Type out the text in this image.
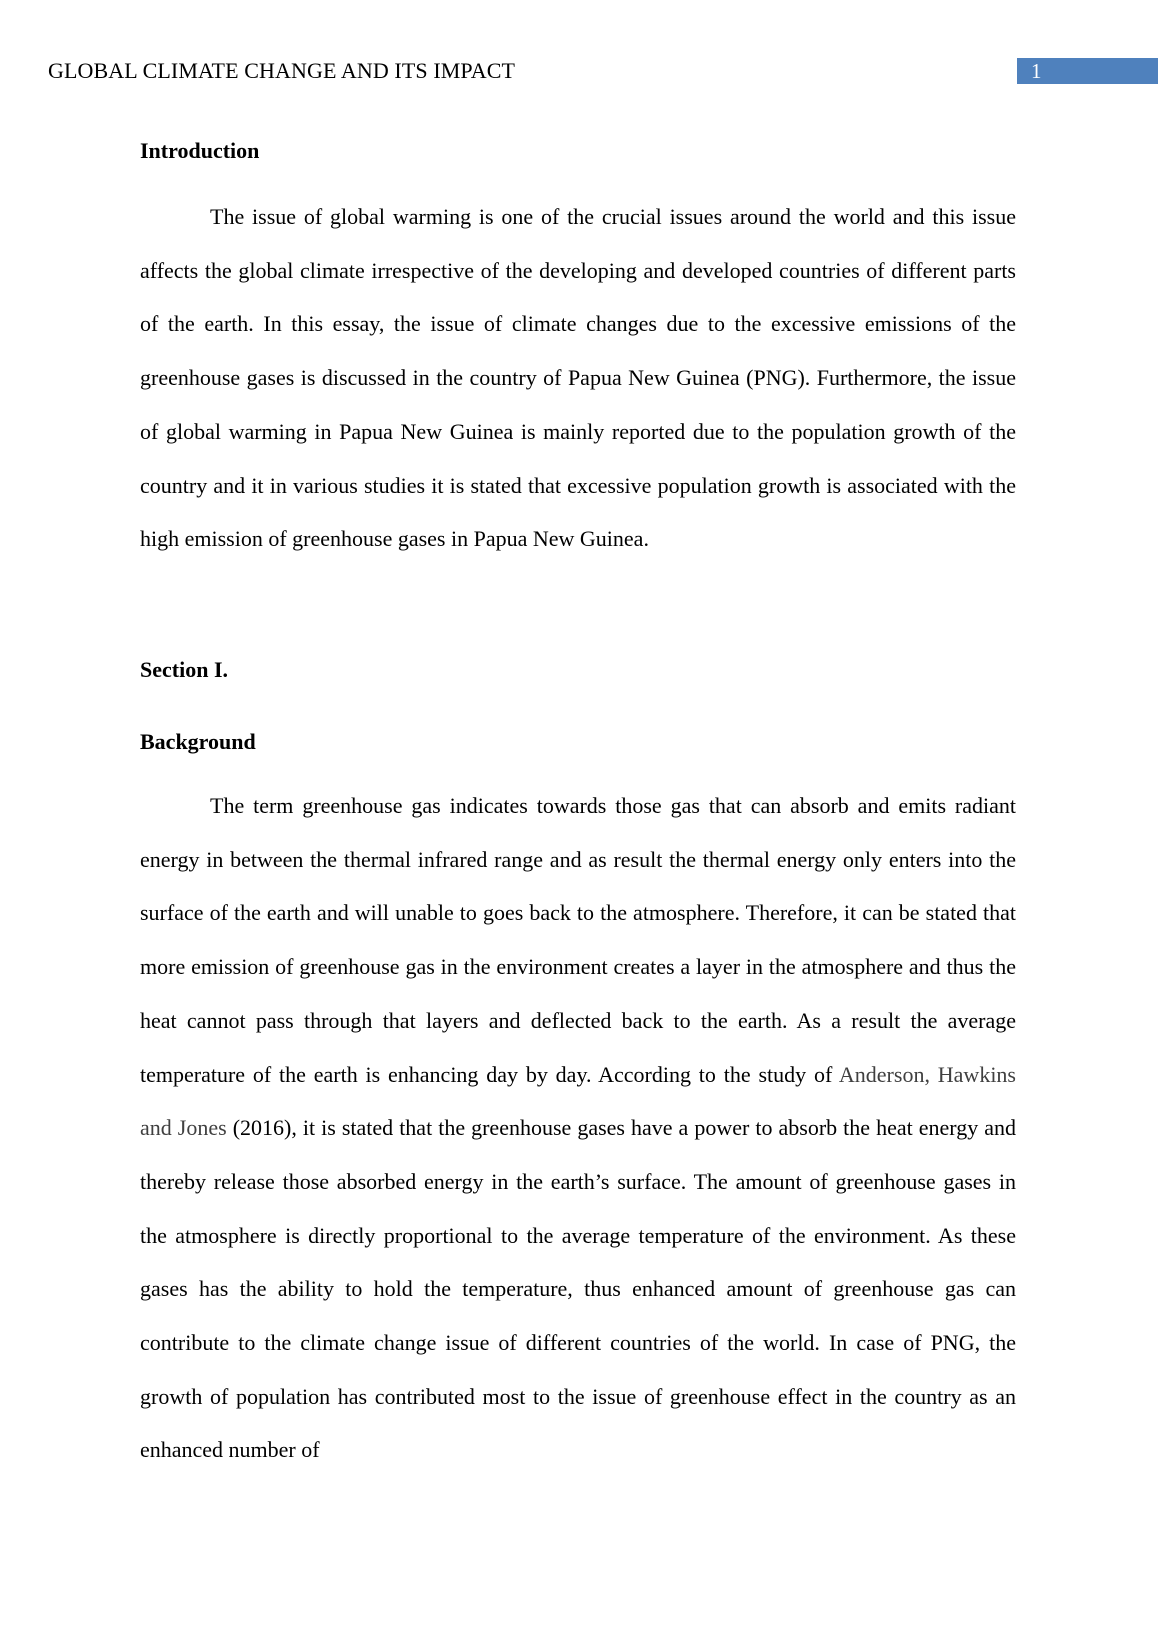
GLOBAL CLIMATE CHANGE AND ITS IMPACT	1
Introduction

The issue of global warming is one of the crucial issues around the world and this issue affects the global climate irrespective of the developing and developed countries of different parts of the earth. In this essay, the issue of climate changes due to the excessive emissions of the greenhouse gases is discussed in the country of Papua New Guinea (PNG). Furthermore, the issue of global warming in Papua New Guinea is mainly reported due to the population growth of the country and it in various studies it is stated that excessive population growth is associated with the high emission of greenhouse gases in Papua New Guinea.

Section I.
Background

The term greenhouse gas indicates towards those gas that can absorb and emits radiant energy in between the thermal infrared range and as result the thermal energy only enters into the surface of the earth and will unable to goes back to the atmosphere. Therefore, it can be stated that more emission of greenhouse gas in the environment creates a layer in the atmosphere and thus the heat cannot pass through that layers and deflected back to the earth. As a result the average temperature of the earth is enhancing day by day. According to the study of Anderson, Hawkins and Jones (2016), it is stated that the greenhouse gases have a power to absorb the heat energy and thereby release those absorbed energy in the earth’s surface. The amount of greenhouse gases in the atmosphere is directly proportional to the average temperature of the environment. As these gases has the ability to hold the temperature, thus enhanced amount of greenhouse gas can contribute to the climate change issue of different countries of the world. In case of PNG, the growth of population has contributed most to the issue of greenhouse effect in the country as an enhanced number of
